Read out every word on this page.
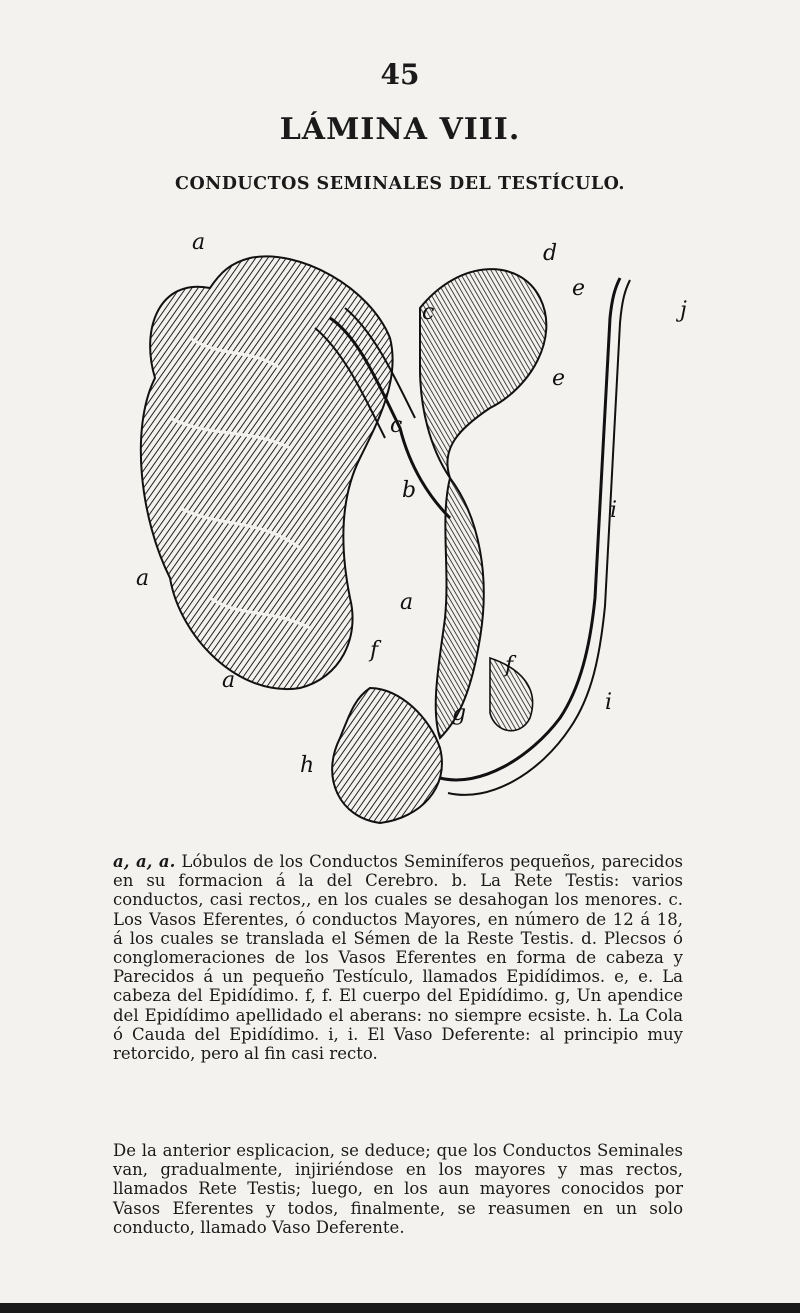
45
LÁMINA VIII.
CONDUCTOS SEMINALES DEL TESTÍCULO.
a	d
c
e
j
e
c
b
i
a
a
f
f
a
i
g
h
a, a, a. Lóbulos de los Conductos Seminíferos pequeños, parecidos en su formacion á la del Cerebro. b. La Rete Testis: varios conductos, casi rectos,, en los cuales se desahogan los menores. c. Los Vasos Eferentes, ó conductos Mayores, en número de 12 á 18, á los cuales se translada el Sémen de la Reste Testis. d. Plecsos ó conglomeraciones de los Vasos Eferentes en forma de cabeza y Parecidos á un pequeño Testículo, llamados Epidídimos. e, e. La cabeza del Epidídimo. f, f. El cuerpo del Epidídimo. g, Un apendice del Epidídimo apellidado el aberans: no siempre ecsiste. h. La Cola ó Cauda del Epidídimo. i, i. El Vaso Deferente: al principio muy retorcido, pero al fin casi recto.
De la anterior esplicacion, se deduce; que los Conductos Seminales van, gradualmente, injiriéndose en los mayores y mas rectos, llamados Rete Testis; luego, en los aun mayores conocidos por Vasos Eferentes y todos, finalmente, se reasumen en un solo conducto, llamado Vaso Deferente.
